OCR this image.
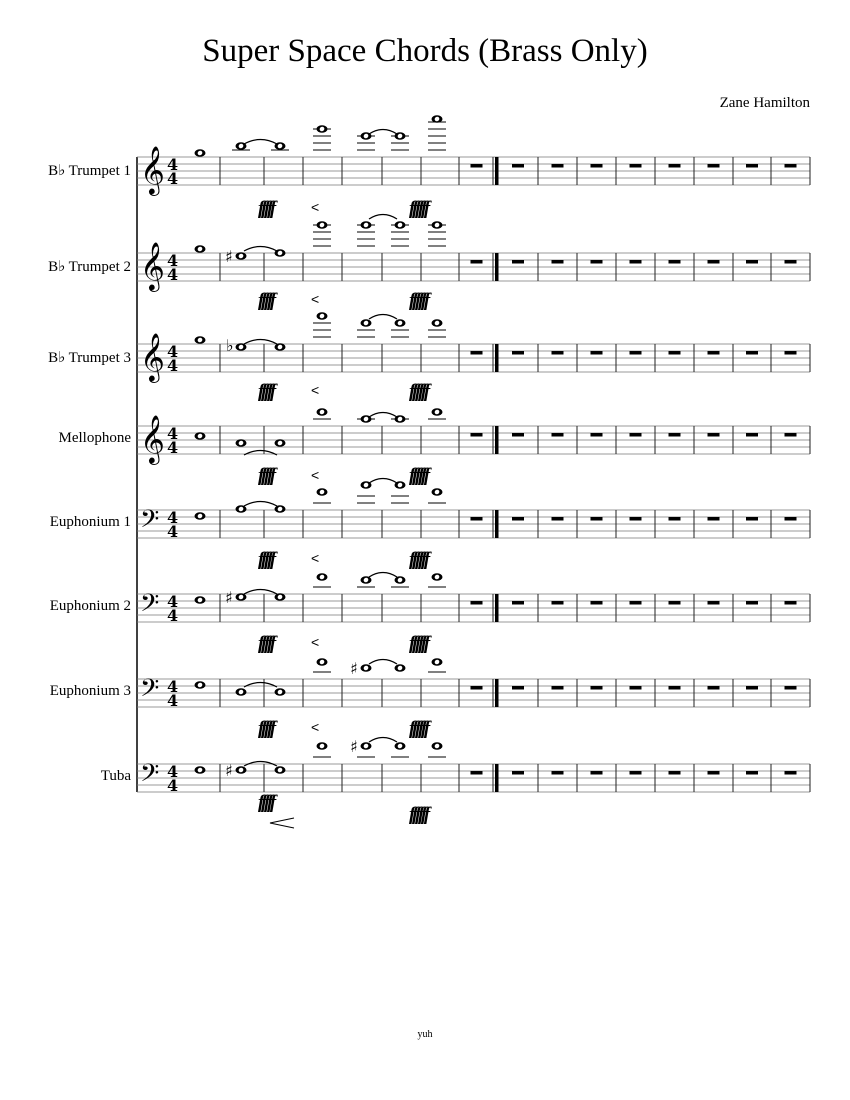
Super Space Chords (Brass Only)
Zane Hamilton
yuh
B♭ Trumpet 1
B♭ Trumpet 2
B♭ Trumpet 3
Mellophone
Euphonium 1
Euphonium 2
Euphonium 3
Tuba
𝄞 4
4
fffff	ffffff
<
𝄞 4
4
♯
fffff	ffffff
<
𝄞 4
4
♭
fffff	ffffff
<
𝄞 4
4
fffff	ffffff
<
𝄢 4
4
fffff	ffffff
<
𝄢 4
4
♯
fffff	ffffff
<
𝄢 4
4
♯
fffff	ffffff
<
𝄢 4
4
♯
♯
fffff
ffffff
